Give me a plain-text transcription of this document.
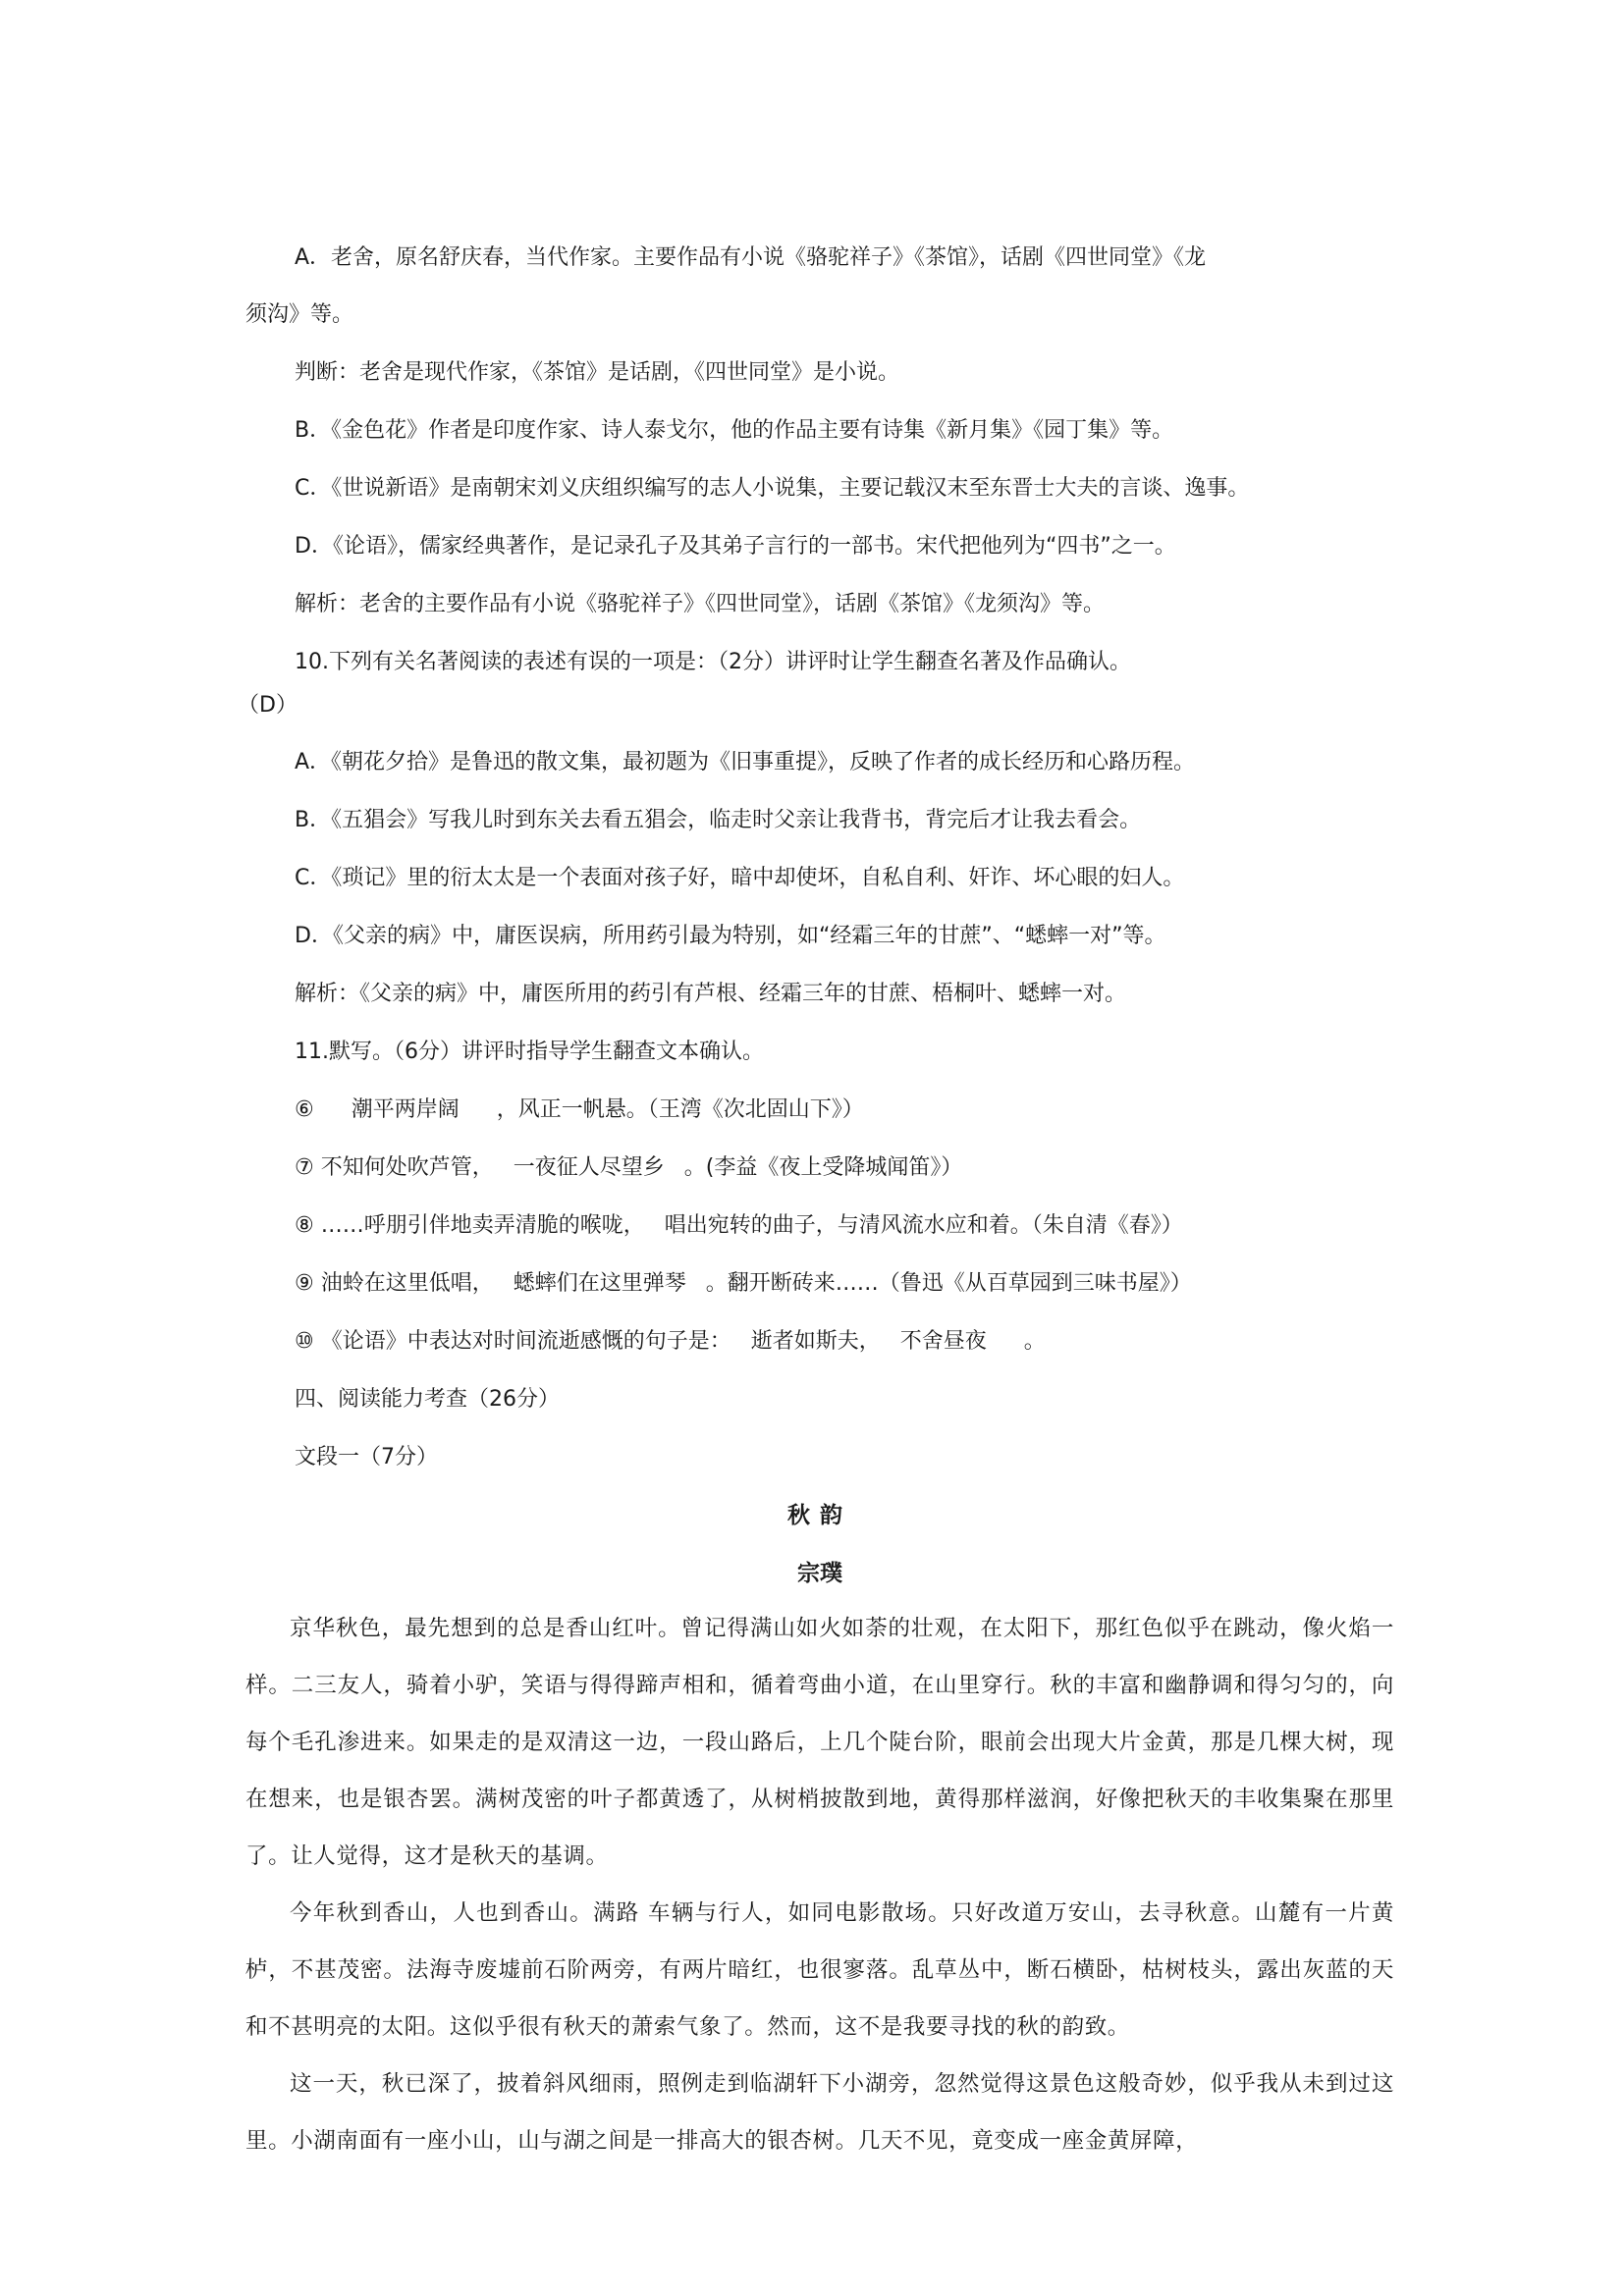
A．老舍，原名舒庆春，当代作家。主要作品有小说《骆驼祥子》《茶馆》，话剧《四世同堂》《龙

须沟》等。

判断：老舍是现代作家，《茶馆》是话剧，《四世同堂》是小说。

B．《金色花》作者是印度作家、诗人泰戈尔，他的作品主要有诗集《新月集》《园丁集》等。

C．《世说新语》是南朝宋刘义庆组织编写的志人小说集，主要记载汉末至东晋士大夫的言谈、逸事。

D．《论语》，儒家经典著作，是记录孔子及其弟子言行的一部书。宋代把他列为“四书”之一。

解析：老舍的主要作品有小说《骆驼祥子》《四世同堂》，话剧《茶馆》《龙须沟》等。

10.下列有关名著阅读的表述有误的一项是：（2分）讲评时让学生翻查名著及作品确认。

（D）

A．《朝花夕拾》是鲁迅的散文集，最初题为《旧事重提》，反映了作者的成长经历和心路历程。

B．《五猖会》写我儿时到东关去看五猖会，临走时父亲让我背书，背完后才让我去看会。

C．《琐记》里的衍太太是一个表面对孩子好，暗中却使坏，自私自利、奸诈、坏心眼的妇人。

D．《父亲的病》中，庸医误病，所用药引最为特别，如“经霜三年的甘蔗”、“蟋蟀一对”等。

解析：《父亲的病》中，庸医所用的药引有芦根、经霜三年的甘蔗、梧桐叶、蟋蟀一对。

11.默写。（6分）讲评时指导学生翻查文本确认。

⑥ 潮平两岸阔 ，风正一帆悬。（王湾《次北固山下》）

⑦ 不知何处吹芦管， 一夜征人尽望乡 。(李益《夜上受降城闻笛》）

⑧ ……呼朋引伴地卖弄清脆的喉咙， 唱出宛转的曲子，与清风流水应和着。（朱自清《春》）

⑨ 油蛉在这里低唱， 蟋蟀们在这里弹琴 。翻开断砖来……（鲁迅《从百草园到三味书屋》）

⑩ 《论语》中表达对时间流逝感慨的句子是： 逝者如斯夫， 不舍昼夜 。

四、阅读能力考查（26分）

文段一（7分）

秋韵

宗璞

京华秋色，最先想到的总是香山红叶。曾记得满山如火如荼的壮观，在太阳下，那红色似乎在跳动，像火焰一样。二三友人，骑着小驴，笑语与得得蹄声相和，循着弯曲小道，在山里穿行。秋的丰富和幽静调和得匀匀的，向每个毛孔渗进来。如果走的是双清这一边，一段山路后，上几个陡台阶，眼前会出现大片金黄，那是几棵大树，现在想来，也是银杏罢。满树茂密的叶子都黄透了，从树梢披散到地，黄得那样滋润，好像把秋天的丰收集聚在那里了。让人觉得，这才是秋天的基调。

今年秋到香山，人也到香山。满路 车辆与行人，如同电影散场。只好改道万安山，去寻秋意。山麓有一片黄栌，不甚茂密。法海寺废墟前石阶两旁，有两片暗红，也很寥落。乱草丛中，断石横卧，枯树枝头，露出灰蓝的天和不甚明亮的太阳。这似乎很有秋天的萧索气象了。然而，这不是我要寻找的秋的韵致。

这一天，秋已深了，披着斜风细雨，照例走到临湖轩下小湖旁，忽然觉得这景色这般奇妙，似乎我从未到过这里。小湖南面有一座小山，山与湖之间是一排高大的银杏树。几天不见，竟变成一座金黄屏障，
